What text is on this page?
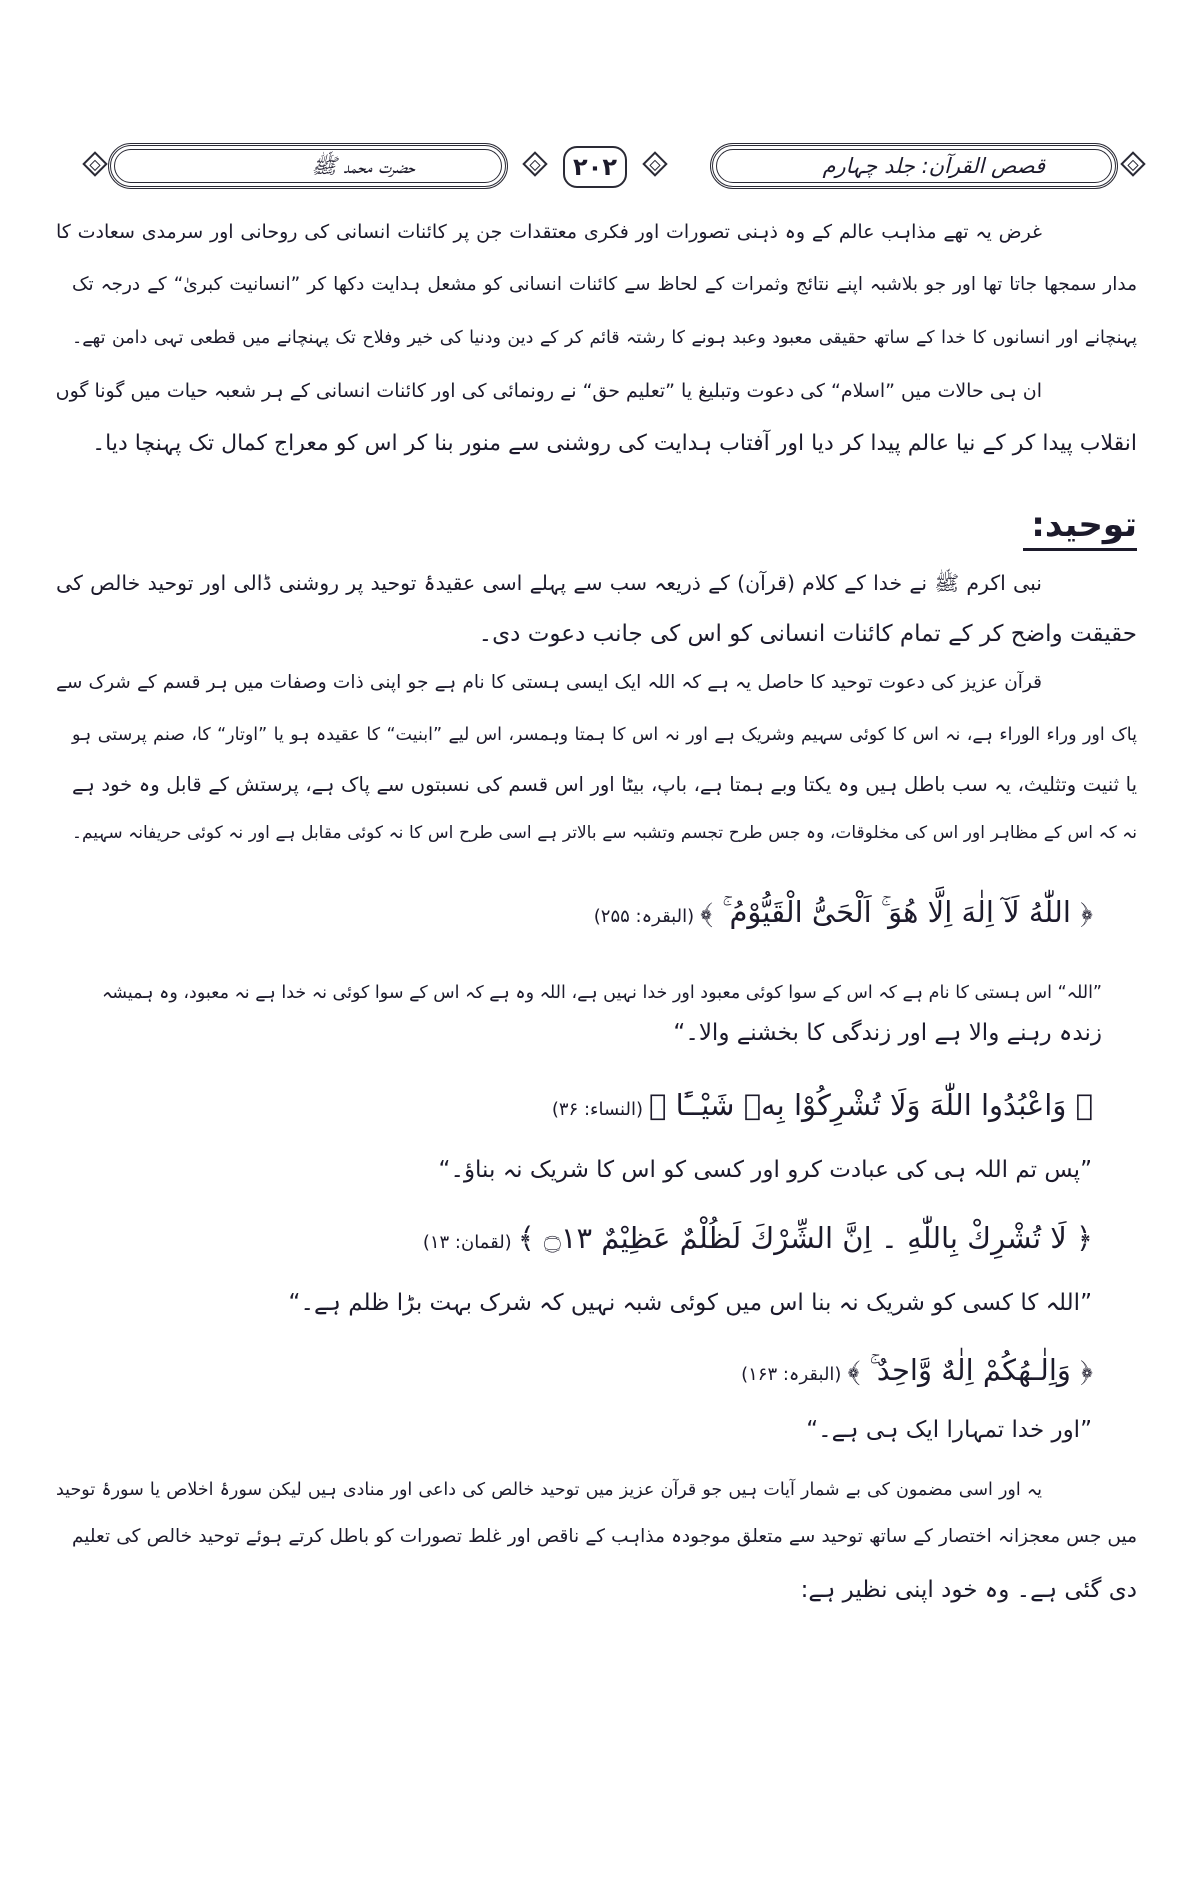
حضرت محمد ﷺ	۲۰۲	قصص القرآن: جلد چہارم
غرض یہ تھے مذاہب عالم کے وہ ذہنی تصورات اور فکری معتقدات جن پر کائنات انسانی کی روحانی اور سرمدی سعادت کا
مدار سمجھا جاتا تھا اور جو بلاشبہ اپنے نتائج وثمرات کے لحاظ سے کائنات انسانی کو مشعل ہدایت دکھا کر ”انسانیت کبریٰ“ کے درجہ تک
پہنچانے اور انسانوں کا خدا کے ساتھ حقیقی معبود وعبد ہونے کا رشتہ قائم کر کے دین ودنیا کی خیر وفلاح تک پہنچانے میں قطعی تہی دامن تھے۔
ان ہی حالات میں ”اسلام“ کی دعوت وتبلیغ یا ”تعلیم حق“ نے رونمائی کی اور کائنات انسانی کے ہر شعبہ حیات میں گونا گوں
انقلاب پیدا کر کے نیا عالم پیدا کر دیا اور آفتاب ہدایت کی روشنی سے منور بنا کر اس کو معراج کمال تک پہنچا دیا۔
توحید:
نبی اکرم ﷺ نے خدا کے کلام (قرآن) کے ذریعہ سب سے پہلے اسی عقیدۂ توحید پر روشنی ڈالی اور توحید خالص کی
حقیقت واضح کر کے تمام کائنات انسانی کو اس کی جانب دعوت دی۔
قرآن عزیز کی دعوت توحید کا حاصل یہ ہے کہ اللہ ایک ایسی ہستی کا نام ہے جو اپنی ذات وصفات میں ہر قسم کے شرک سے
پاک اور وراء الوراء ہے، نہ اس کا کوئی سہیم وشریک ہے اور نہ اس کا ہمتا وہمسر، اس لیے ”ابنیت“ کا عقیدہ ہو یا ”اوتار“ کا، صنم پرستی ہو
یا ثنیت وتثلیث، یہ سب باطل ہیں وہ یکتا وبے ہمتا ہے، باپ، بیٹا اور اس قسم کی نسبتوں سے پاک ہے، پرستش کے قابل وہ خود ہے
نہ کہ اس کے مظاہر اور اس کی مخلوقات، وہ جس طرح تجسم وتشبہ سے بالاتر ہے اسی طرح اس کا نہ کوئی مقابل ہے اور نہ کوئی حریفانہ سہیم۔
﴿ اللّٰهُ لَآ اِلٰهَ اِلَّا هُوَ ۚ اَلْحَیُّ الْقَیُّوْمُ ۚ ﴾(البقرہ: ۲۵۵)
”اللہ“ اس ہستی کا نام ہے کہ اس کے سوا کوئی معبود اور خدا نہیں ہے، اللہ وہ ہے کہ اس کے سوا کوئی نہ خدا ہے نہ معبود، وہ ہمیشہ
زندہ رہنے والا ہے اور زندگی کا بخشنے والا۔“
﴿ وَاعْبُدُوا اللّٰهَ وَلَا تُشْرِكُوْا بِهٖ شَیْــًٔا ﴾(النساء: ۳۶)
”پس تم اللہ ہی کی عبادت کرو اور کسی کو اس کا شریک نہ بناؤ۔“
﴿ لَا تُشْرِكْ بِاللّٰهِ ۔ اِنَّ الشِّرْكَ لَظُلْمٌ عَظِیْمٌ ۝۱۳ ﴾(لقمان: ۱۳)
”اللہ کا کسی کو شریک نہ بنا اس میں کوئی شبہ نہیں کہ شرک بہت بڑا ظلم ہے۔“
﴿ وَاِلٰـهُكُمْ اِلٰهٌ وَّاحِدٌ ۚ ﴾(البقرہ: ۱۶۳)
”اور خدا تمہارا ایک ہی ہے۔“
یہ اور اسی مضمون کی بے شمار آیات ہیں جو قرآن عزیز میں توحید خالص کی داعی اور منادی ہیں لیکن سورۂ اخلاص یا سورۂ توحید
میں جس معجزانہ اختصار کے ساتھ توحید سے متعلق موجودہ مذاہب کے ناقص اور غلط تصورات کو باطل کرتے ہوئے توحید خالص کی تعلیم
دی گئی ہے۔ وہ خود اپنی نظیر ہے:
